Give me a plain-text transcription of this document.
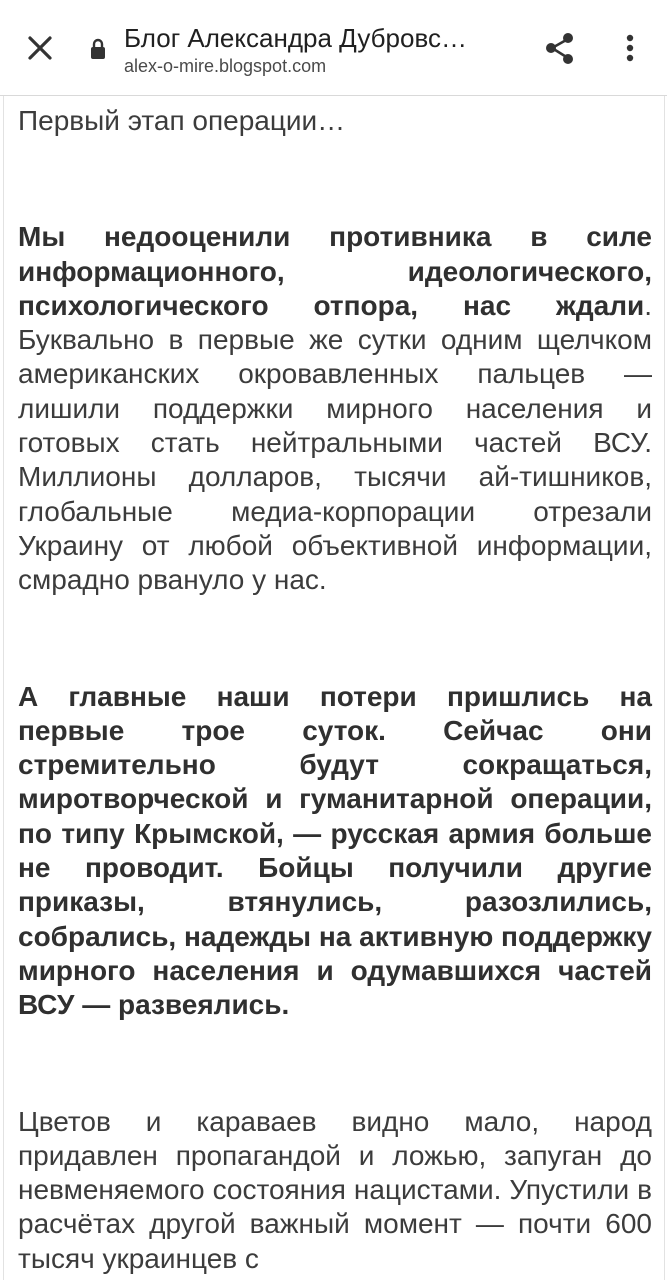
Блог Александра Дубровс…
alex-o-mire.blogspot.com

Первый этап операции…

Мы недооценили противника в силе информационного, идеологического, психологического отпора, нас ждали. Буквально в первые же сутки одним щелчком американских окровавленных пальцев — лишили поддержки мирного населения и готовых стать нейтральными частей ВСУ. Миллионы долларов, тысячи ай-тишников, глобальные медиа-корпорации отрезали Украину от любой объективной информации, смрадно рвануло у нас.

А главные наши потери пришлись на первые трое суток. Сейчас они стремительно будут сокращаться, миротворческой и гуманитарной операции, по типу Крымской, — русская армия больше не проводит. Бойцы получили другие приказы, втянулись, разозлились, собрались, надежды на активную поддержку мирного населения и одумавшихся частей ВСУ — развеялись.

Цветов и караваев видно мало, народ придавлен пропагандой и ложью, запуган до невменяемого состояния нацистами. Упустили в расчётах другой важный момент — почти 600 тысяч украинцев с
